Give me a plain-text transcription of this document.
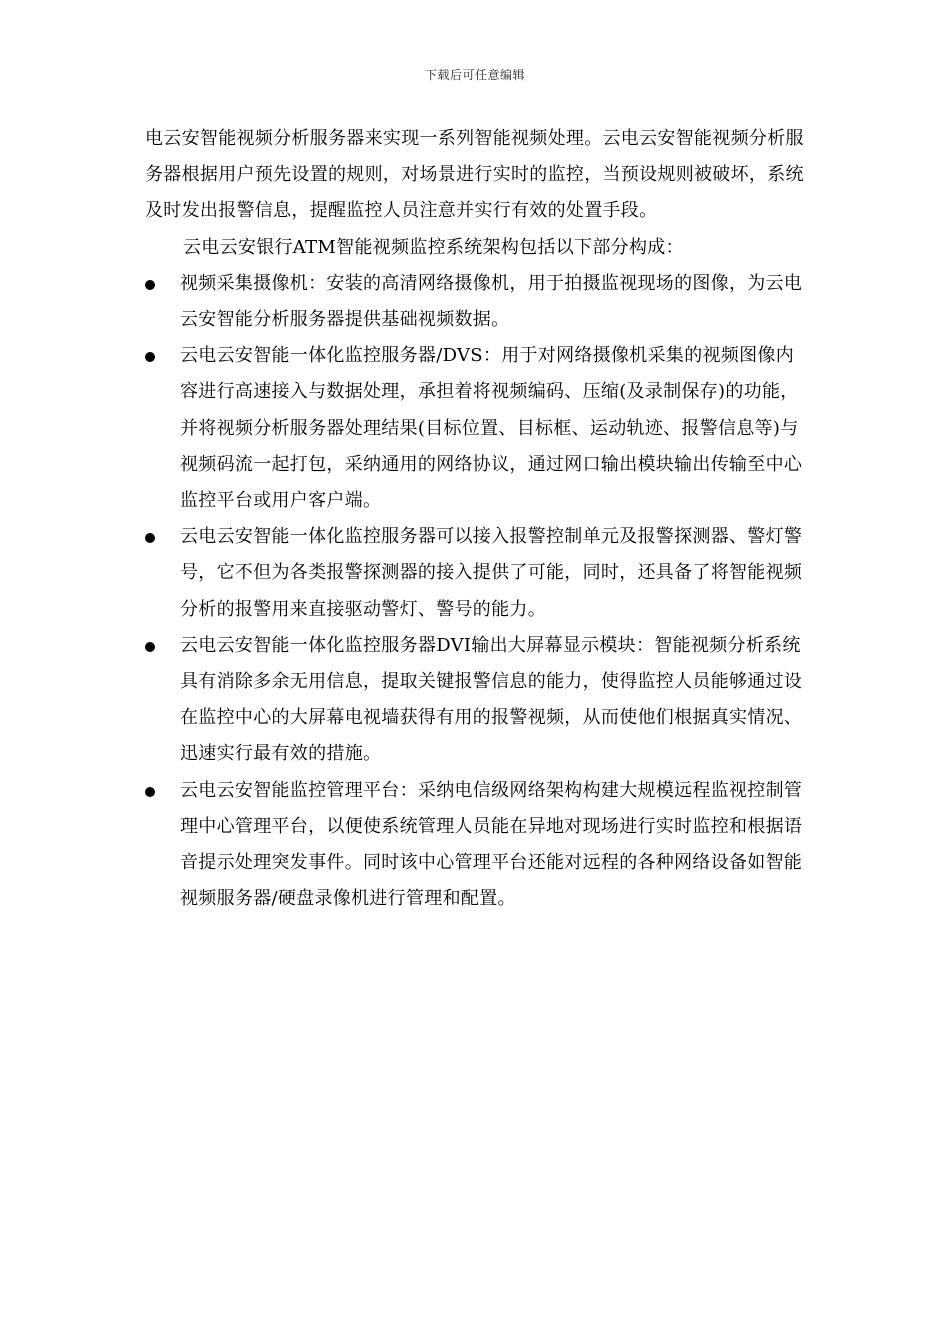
下载后可任意编辑

电云安智能视频分析服务器来实现一系列智能视频处理。云电云安智能视频分析服务器根据用户预先设置的规则，对场景进行实时的监控，当预设规则被破坏，系统及时发出报警信息，提醒监控人员注意并实行有效的处置手段。

云电云安银行ATM智能视频监控系统架构包括以下部分构成：

视频采集摄像机：安装的高清网络摄像机，用于拍摄监视现场的图像，为云电云安智能分析服务器提供基础视频数据。
云电云安智能一体化监控服务器/DVS：用于对网络摄像机采集的视频图像内容进行高速接入与数据处理，承担着将视频编码、压缩(及录制保存)的功能，并将视频分析服务器处理结果(目标位置、目标框、运动轨迹、报警信息等)与视频码流一起打包，采纳通用的网络协议，通过网口输出模块输出传输至中心监控平台或用户客户端。
云电云安智能一体化监控服务器可以接入报警控制单元及报警探测器、警灯警号，它不但为各类报警探测器的接入提供了可能，同时，还具备了将智能视频分析的报警用来直接驱动警灯、警号的能力。
云电云安智能一体化监控服务器DVI输出大屏幕显示模块：智能视频分析系统具有消除多余无用信息，提取关键报警信息的能力，使得监控人员能够通过设在监控中心的大屏幕电视墙获得有用的报警视频，从而使他们根据真实情况、迅速实行最有效的措施。
云电云安智能监控管理平台：采纳电信级网络架构构建大规模远程监视控制管理中心管理平台，以便使系统管理人员能在异地对现场进行实时监控和根据语音提示处理突发事件。同时该中心管理平台还能对远程的各种网络设备如智能视频服务器/硬盘录像机进行管理和配置。
